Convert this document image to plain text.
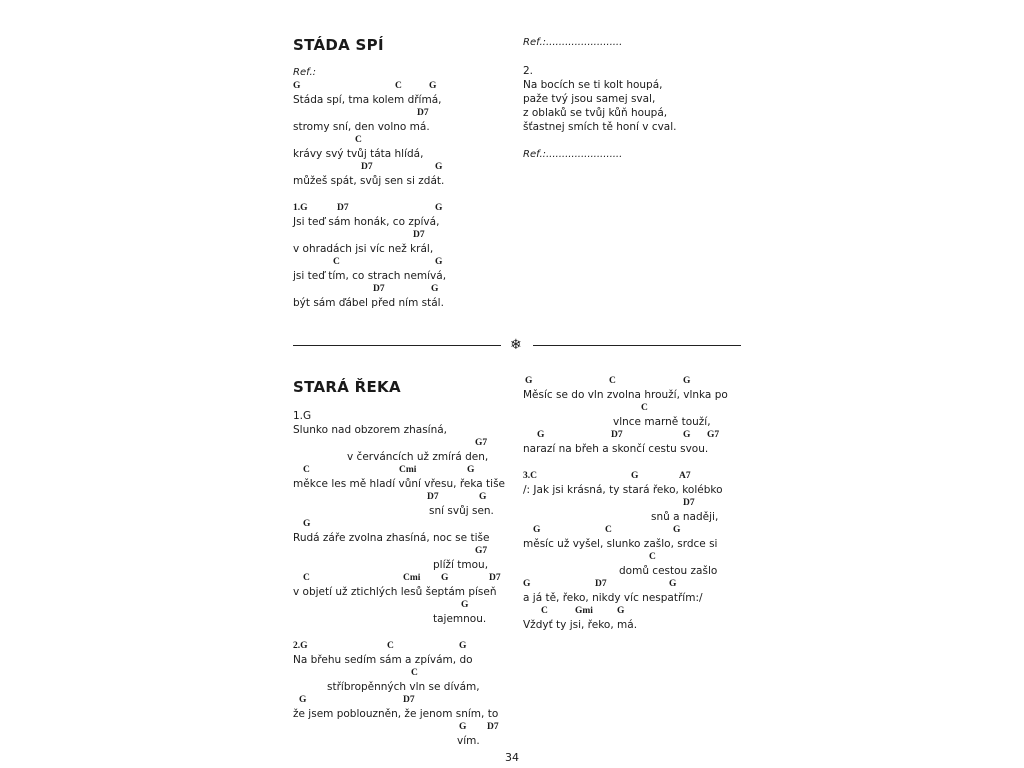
STÁDA SPÍ
Ref.:
G	C	G
Stáda spí, tma kolem dřímá,
D7
stromy sní, den volno má.
C
krávy svý tvůj táta hlídá,
D7	G
můžeš spát, svůj sen si zdát.
1.G	D7	G
Jsi teď sám honák, co zpívá,
D7
v ohradách jsi víc než král,
C	G
jsi teď tím, co strach nemívá,
D7	G
být sám ďábel před ním stál.
Ref.:........................
2.
Na bocích se ti kolt houpá,
paže tvý jsou samej sval,
z oblaků se tvůj kůň houpá,
šťastnej smích tě honí v cval.
Ref.:........................
❄
STARÁ ŘEKA
1.G
Slunko nad obzorem zhasíná,
G7
v červáncích už zmírá den,
C	Cmi	G
měkce les mě hladí vůní vřesu, řeka tiše
D7	G
sní svůj sen.
G
Rudá záře zvolna zhasíná, noc se tiše
G7
plíží tmou,
C	Cmi G	D7
v objetí už ztichlých lesů šeptám píseň
G
tajemnou.
2.G	C	G
Na břehu sedím sám a zpívám, do
C
stříbropěnných vln se dívám,
G	D7
že jsem poblouzněn, že jenom sním, to
G D7
vím.
G	C	G
Měsíc se do vln zvolna hrouží, vlnka po
C
vlnce marně touží,
G	D7	G G7
narazí na břeh a skončí cestu svou.
3.C	G	A7
/: Jak jsi krásná, ty stará řeko, kolébko
D7
snů a naději,
G	C	G
měsíc už vyšel, slunko zašlo, srdce si
C
domů cestou zašlo
G	D7	G
a já tě, řeko, nikdy víc nespatřím:/
C	Gmi	G
Vždyť ty jsi, řeko, má.
34
